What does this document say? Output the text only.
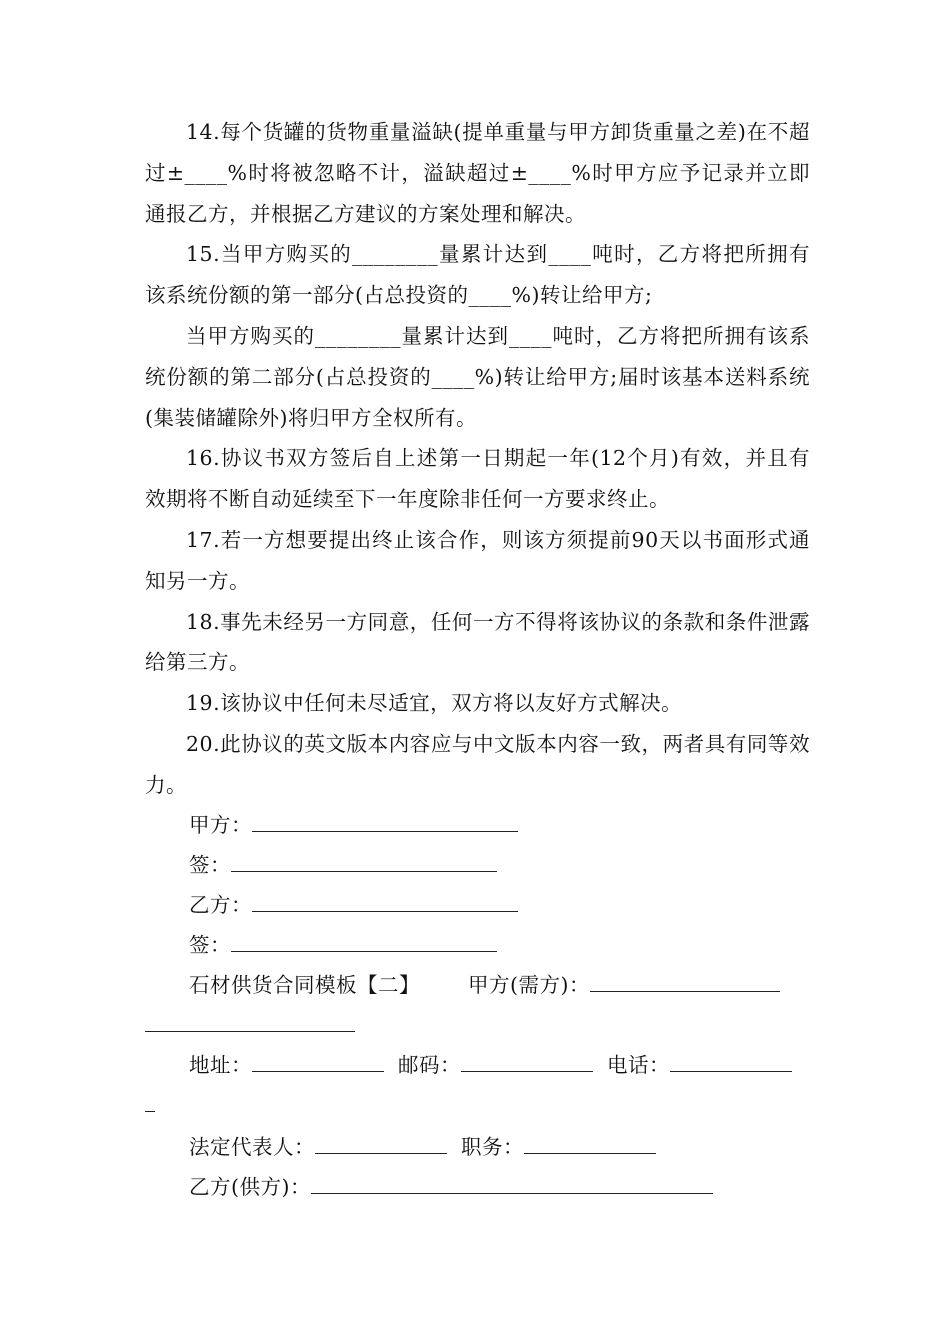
14.每个货罐的货物重量溢缺(提单重量与甲方卸货重量之差)在不超过±____%时将被忽略不计，溢缺超过±____%时甲方应予记录并立即通报乙方，并根据乙方建议的方案处理和解决。

15.当甲方购买的________量累计达到____吨时，乙方将把所拥有该系统份额的第一部分(占总投资的____%)转让给甲方;

当甲方购买的________量累计达到____吨时，乙方将把所拥有该系统份额的第二部分(占总投资的____%)转让给甲方;届时该基本送料系统(集装储罐除外)将归甲方全权所有。

16.协议书双方签后自上述第一日期起一年(12个月)有效，并且有效期将不断自动延续至下一年度除非任何一方要求终止。

17.若一方想要提出终止该合作，则该方须提前90天以书面形式通知另一方。

18.事先未经另一方同意，任何一方不得将该协议的条款和条件泄露给第三方。

19.该协议中任何未尽适宜，双方将以友好方式解决。

20.此协议的英文版本内容应与中文版本内容一致，两者具有同等效力。

甲方：
签：
乙方：
签：
石材供货合同模板【二】 甲方(需方)：
地址：	邮码：	电话：
法定代表人：	职务：
乙方(供方)：
